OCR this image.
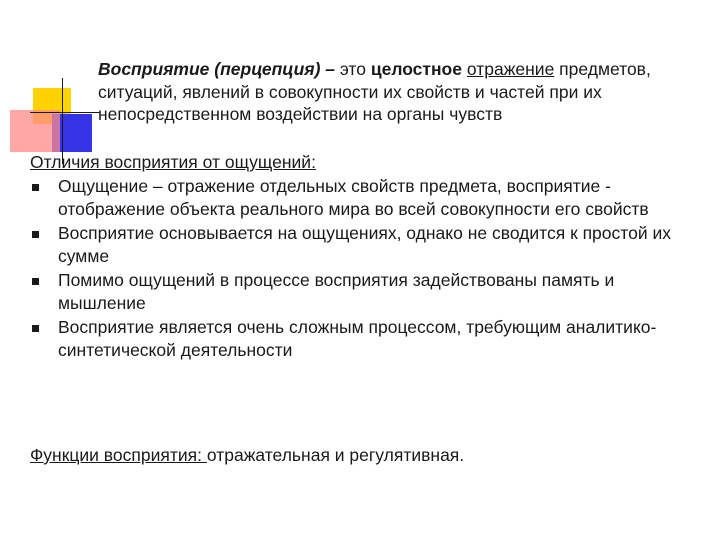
Восприятие (перцепция) – это целостное отражение предметов, ситуаций, явлений в совокупности их свойств и частей при их непосредственном воздействии на органы чувств
Отличия восприятия от ощущений:
Ощущение – отражение отдельных свойств предмета, восприятие - отображение объекта реального мира во всей совокупности его свойств
Восприятие основывается на ощущениях, однако не сводится к простой их сумме
Помимо ощущений в процессе восприятия задействованы память и мышление
Восприятие является очень сложным процессом, требующим аналитико-синтетической деятельности
Функции восприятия: отражательная и регулятивная.
